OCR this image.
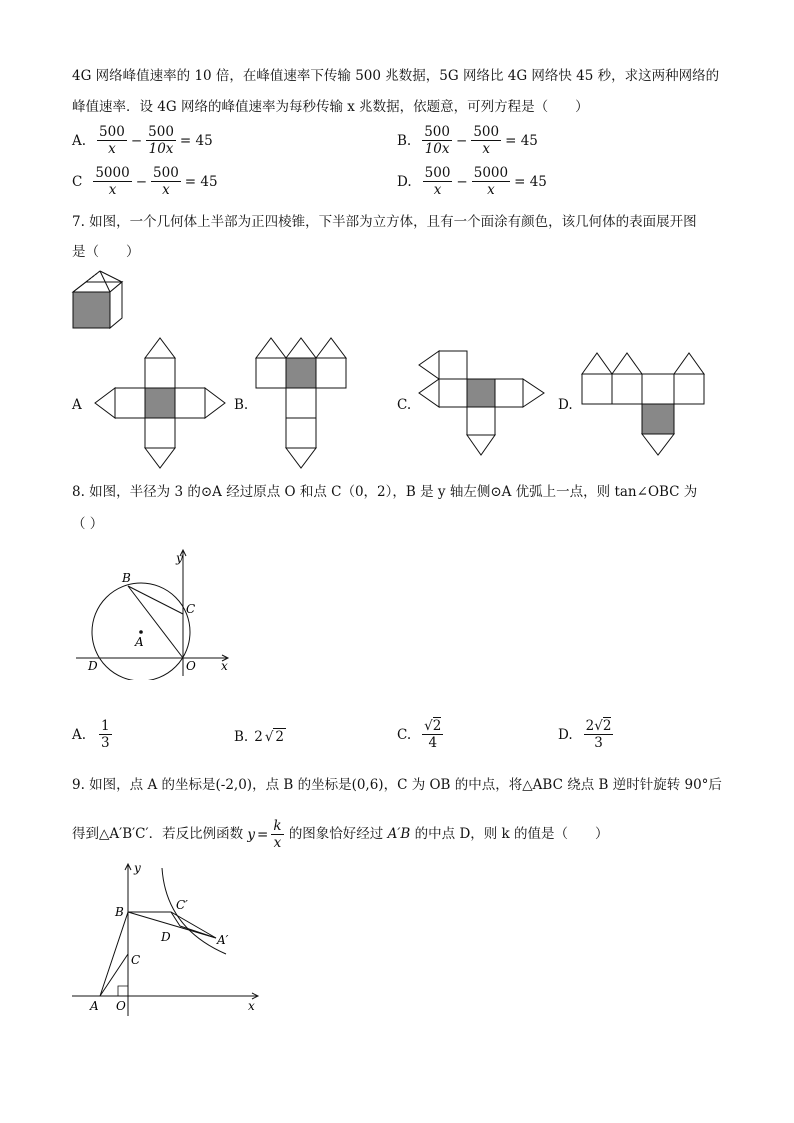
4G 网络峰值速率的 10 倍，在峰值速率下传输 500 兆数据，5G 网络比 4G 网络快 45 秒，求这两种网络的
峰值速率．设 4G 网络的峰值速率为每秒传输 x 兆数据，依题意，可列方程是（　　）
A. $\frac{500}{x} - \frac{500}{10x} = 45$	B. $\frac{500}{10x} - \frac{500}{x} = 45$
C $\frac{5000}{x} - \frac{500}{x} = 45$	D. $\frac{500}{x} - \frac{5000}{x} = 45$
7. 如图，一个几何体上半部为正四棱锥，下半部为立方体，且有一个面涂有颜色，该几何体的表面展开图
是（　　）
A	B.	C.	D.
8. 如图，半径为 3 的⊙A 经过原点 O 和点 C（0，2），B 是 y 轴左侧⊙A 优弧上一点，则 tan∠OBC 为
（ ）
y
B
C
A
D	O x
A. $\frac{1}{3}$	B. 2 √ 2	C. $\frac{√2}{4}$	D. $\frac{2√2}{3}$
9. 如图，点 A 的坐标是(-2,0)，点 B 的坐标是(0,6)，C 为 OB 的中点，将△ABC 绕点 B 逆时针旋转 90°后
得到△A′B′C′．若反比例函数 $y = \frac{k}{x}$ 的图象恰好经过 A′B 的中点 D，则 k 的值是（　　）
y
B	C′
D	A′
C
A O	x
